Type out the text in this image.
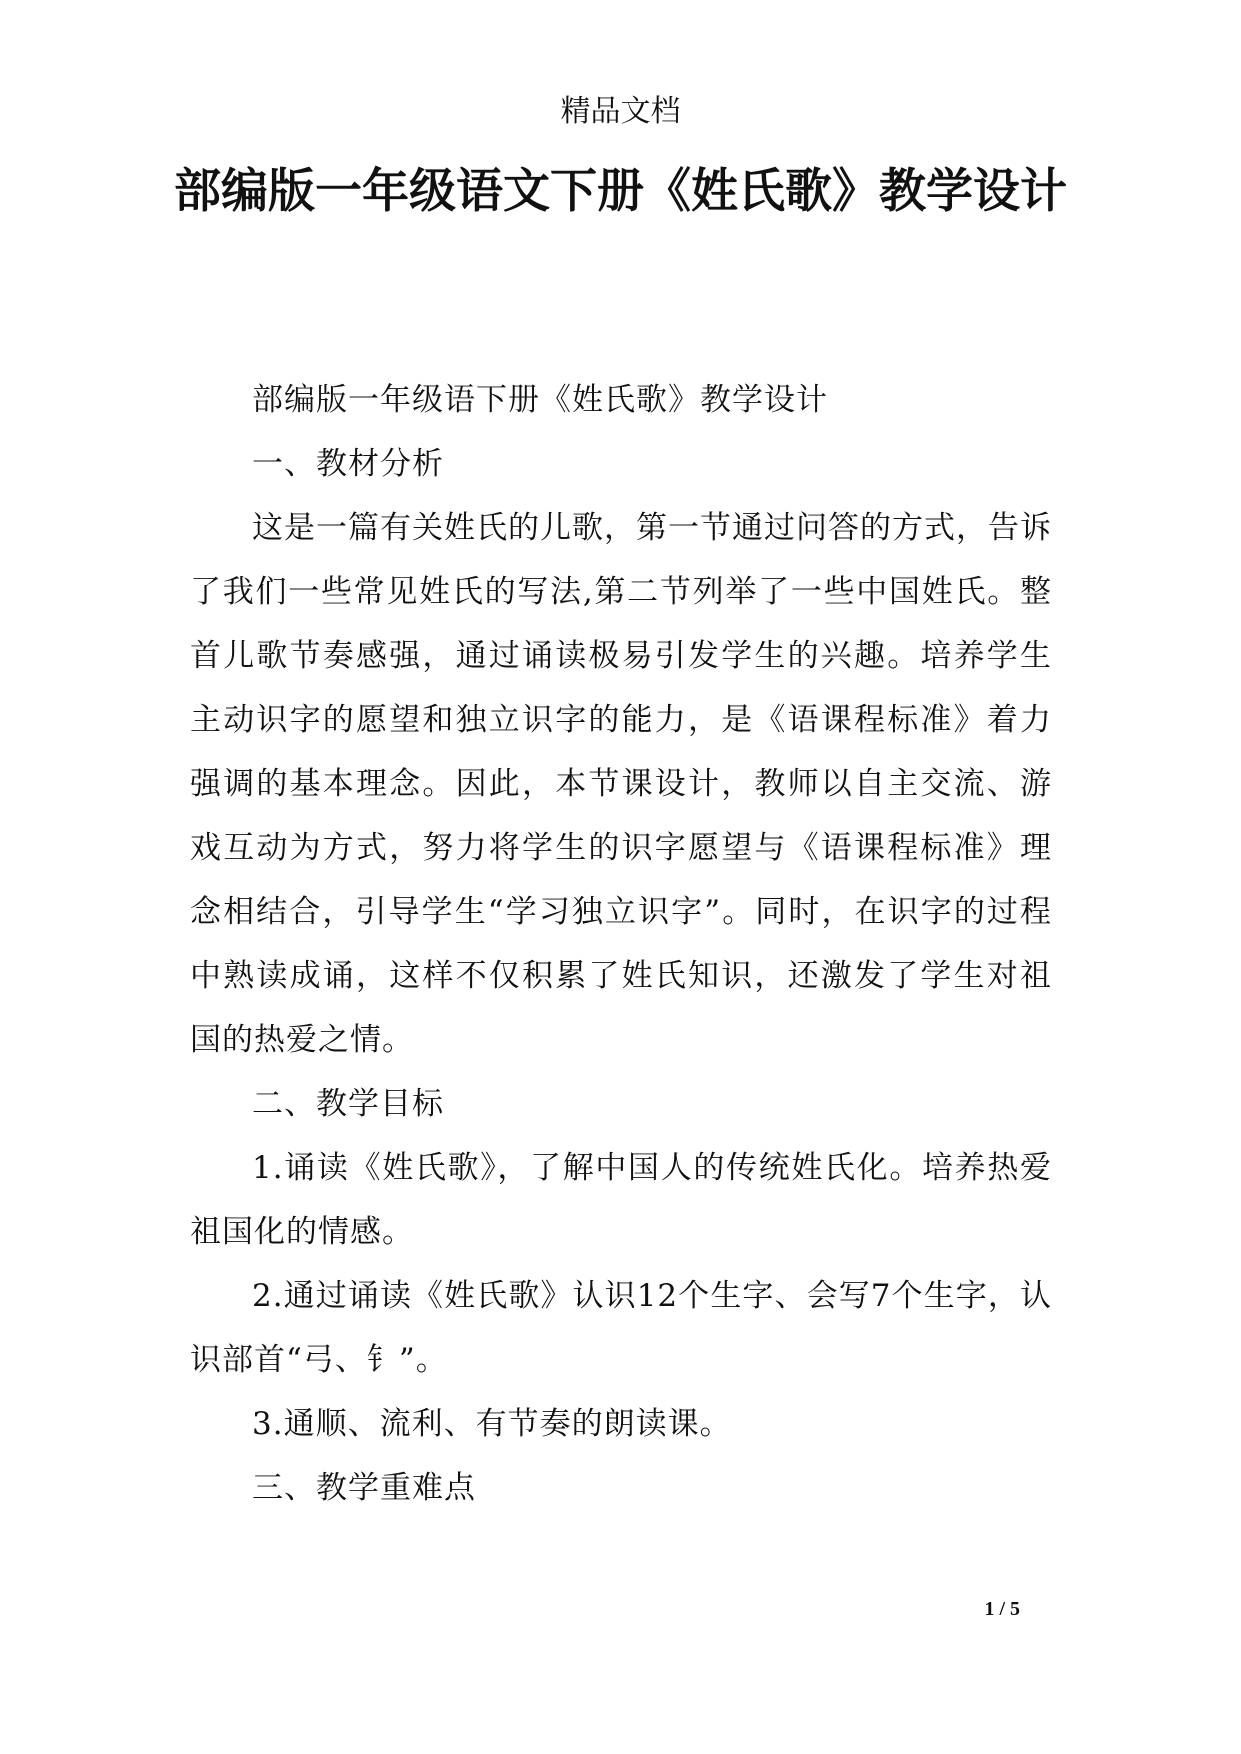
精品文档
部编版一年级语文下册《姓氏歌》教学设计

部编版一年级语下册《姓氏歌》教学设计

一、教材分析

这是一篇有关姓氏的儿歌，第一节通过问答的方式，告诉了我们一些常见姓氏的写法,第二节列举了一些中国姓氏。整首儿歌节奏感强，通过诵读极易引发学生的兴趣。培养学生主动识字的愿望和独立识字的能力，是《语课程标准》着力强调的基本理念。因此，本节课设计，教师以自主交流、游戏互动为方式，努力将学生的识字愿望与《语课程标准》理念相结合，引导学生“学习独立识字”。同时，在识字的过程中熟读成诵，这样不仅积累了姓氏知识，还激发了学生对祖国的热爱之情。

二、教学目标

1.诵读《姓氏歌》，了解中国人的传统姓氏化。培养热爱祖国化的情感。

2.通过诵读《姓氏歌》认识12个生字、会写7个生字，认识部首“弓、钅”。

3.通顺、流利、有节奏的朗读课。

三、教学重难点

1 / 5
